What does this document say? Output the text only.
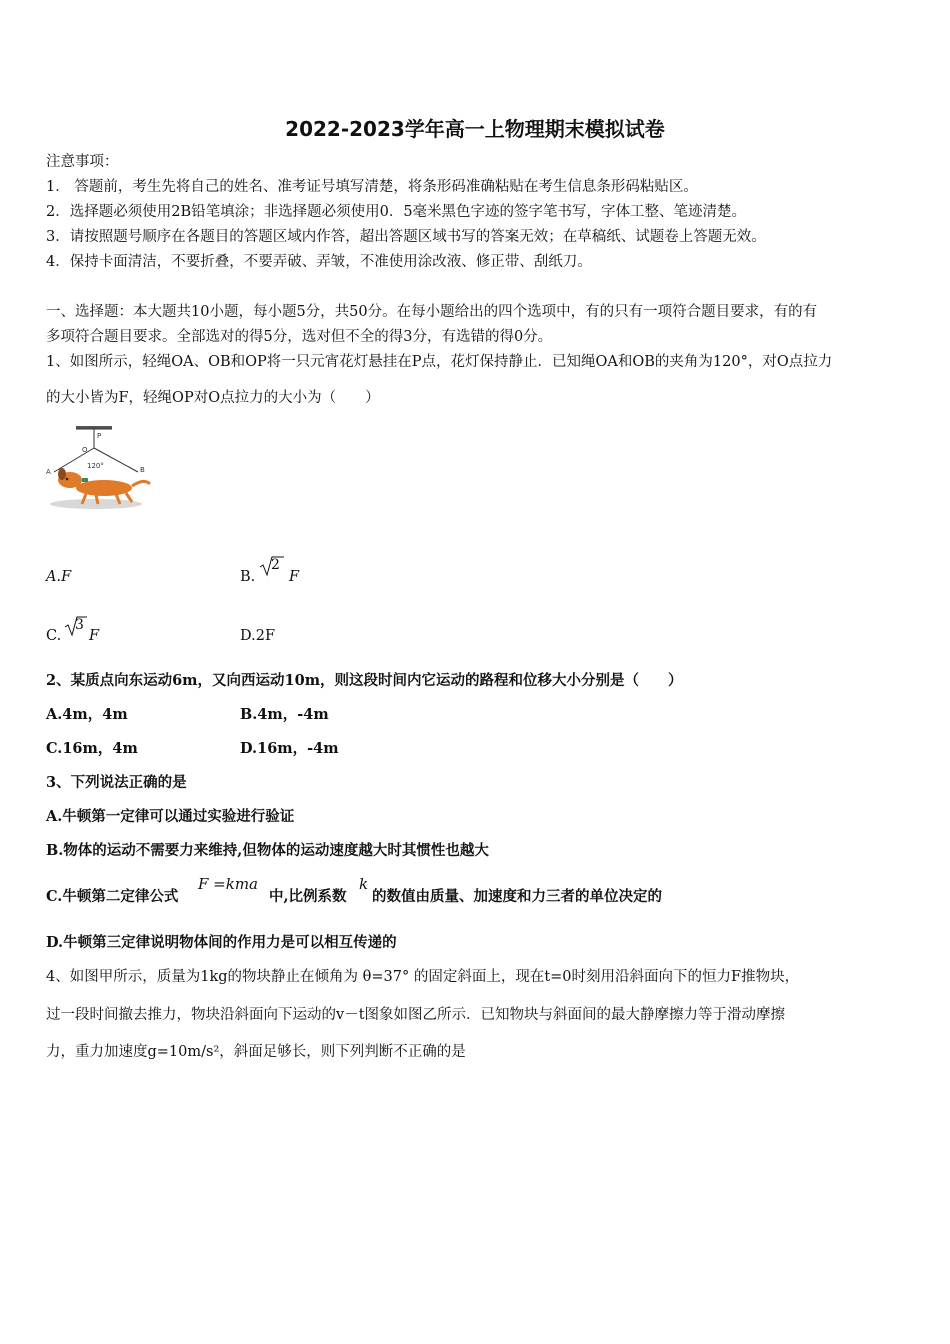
2022-2023学年高一上物理期末模拟试卷
注意事项：
1． 答题前，考生先将自己的姓名、准考证号填写清楚，将条形码准确粘贴在考生信息条形码粘贴区。
2．选择题必须使用2B铅笔填涂；非选择题必须使用0．5毫米黑色字迹的签字笔书写，字体工整、笔迹清楚。
3．请按照题号顺序在各题目的答题区域内作答，超出答题区域书写的答案无效；在草稿纸、试题卷上答题无效。
4．保持卡面清洁，不要折叠，不要弄破、弄皱，不准使用涂改液、修正带、刮纸刀。
一、选择题：本大题共10小题，每小题5分，共50分。在每小题给出的四个选项中，有的只有一项符合题目要求，有的有
多项符合题目要求。全部选对的得5分，选对但不全的得3分，有选错的得0分。
1、如图所示，轻绳OA、OB和OP将一只元宵花灯悬挂在P点，花灯保持静止．已知绳OA和OB的夹角为120°，对O点拉力
的大小皆为F，轻绳OP对O点拉力的大小为（　　）
P
O
120°
A	B
A.F	B.
2
F
C.
3
F	D.2F
2、某质点向东运动6m，又向西运动10m，则这段时间内它运动的路程和位移大小分别是（　　）
A.4m，4m	B.4m，-4m
C.16m，4m	D.16m，-4m
3、下列说法正确的是
A.牛顿第一定律可以通过实验进行验证
B.物体的运动不需要力来维持,但物体的运动速度越大时其惯性也越大
C.牛顿第二定律公式
F =kma
中,比例系数
k
的数值由质量、加速度和力三者的单位决定的
D.牛顿第三定律说明物体间的作用力是可以相互传递的
4、如图甲所示，质量为1kg的物块静止在倾角为 θ=37° 的固定斜面上，现在t=0时刻用沿斜面向下的恒力F推物块，
过一段时间撤去推力，物块沿斜面向下运动的v－t图象如图乙所示．已知物块与斜面间的最大静摩擦力等于滑动摩擦
力，重力加速度g=10m/s²，斜面足够长，则下列判断不正确的是
